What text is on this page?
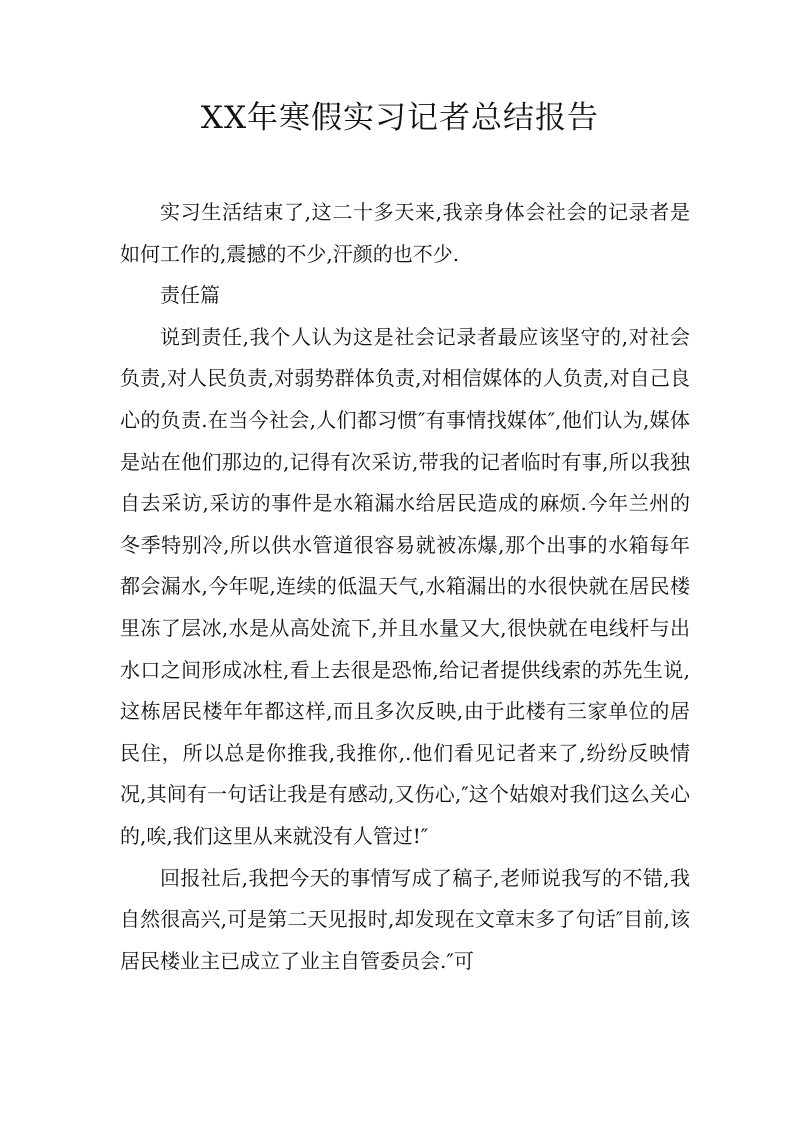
XX年寒假实习记者总结报告

实习生活结束了,这二十多天来,我亲身体会社会的记录者是如何工作的,震撼的不少,汗颜的也不少.

责任篇

说到责任,我个人认为这是社会记录者最应该坚守的,对社会负责,对人民负责,对弱势群体负责,对相信媒体的人负责,对自己良心的负责.在当今社会,人们都习惯″有事情找媒体″,他们认为,媒体是站在他们那边的,记得有次采访,带我的记者临时有事,所以我独自去采访,采访的事件是水箱漏水给居民造成的麻烦.今年兰州的冬季特别冷,所以供水管道很容易就被冻爆,那个出事的水箱每年都会漏水,今年呢,连续的低温天气,水箱漏出的水很快就在居民楼里冻了层冰,水是从高处流下,并且水量又大,很快就在电线杆与出水口之间形成冰柱,看上去很是恐怖,给记者提供线索的苏先生说,这栋居民楼年年都这样,而且多次反映,由于此楼有三家单位的居民住，所以总是你推我,我推你,.他们看见记者来了,纷纷反映情况,其间有一句话让我是有感动,又伤心,″这个姑娘对我们这么关心的,唉,我们这里从来就没有人管过!″

回报社后,我把今天的事情写成了稿子,老师说我写的不错,我自然很高兴,可是第二天见报时,却发现在文章末多了句话″目前,该居民楼业主已成立了业主自管委员会.″可
